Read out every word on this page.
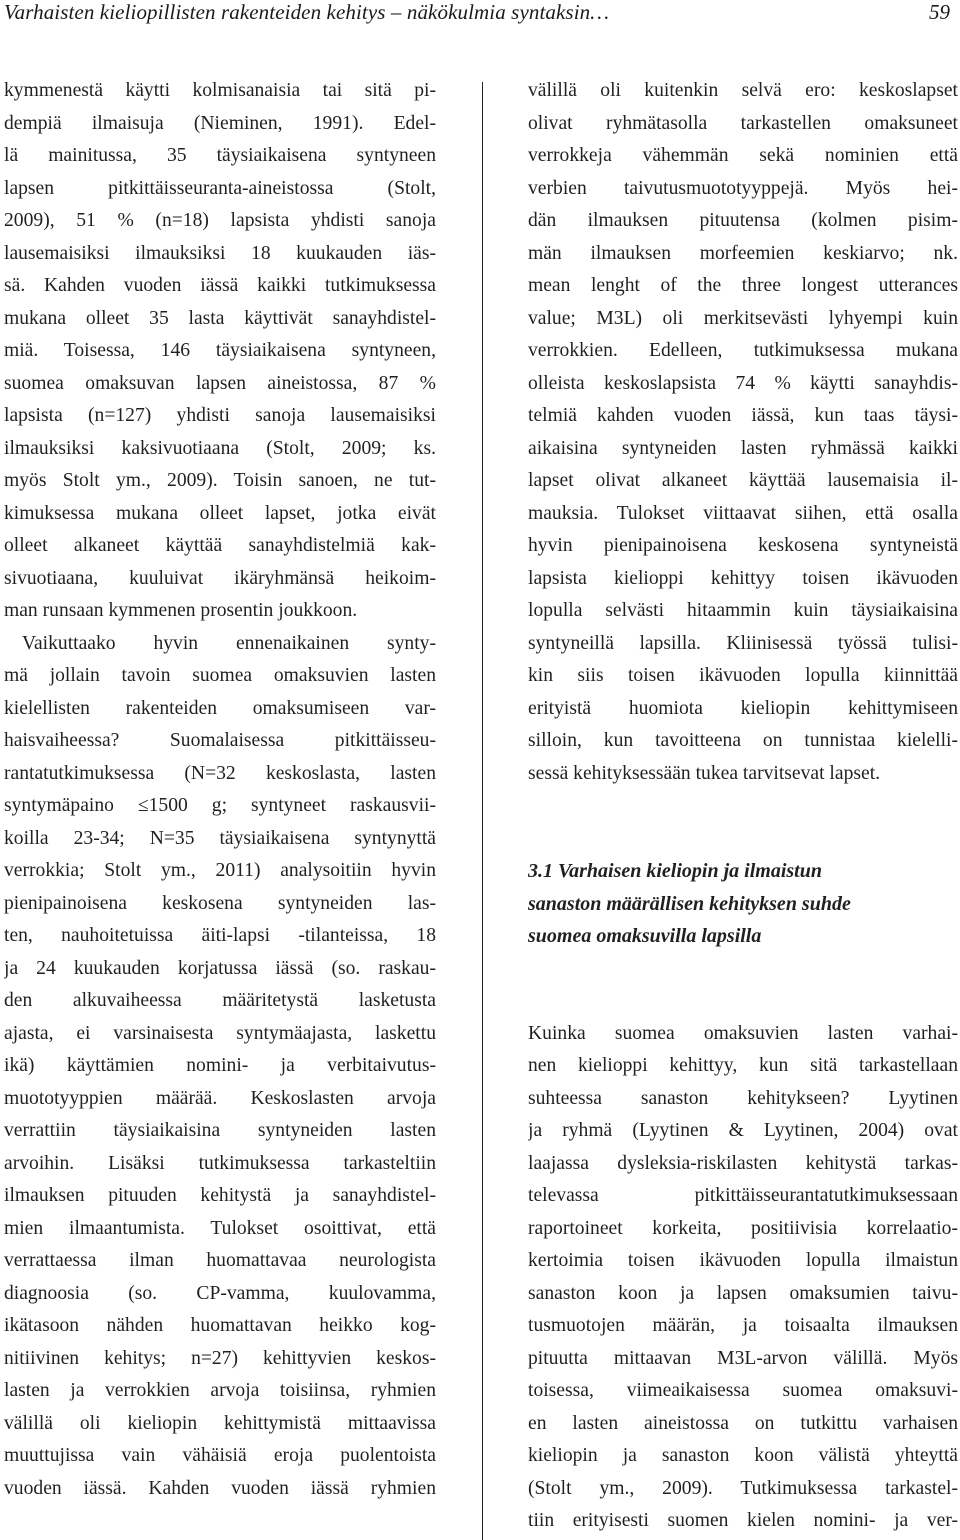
Varhaisten kieliopillisten rakenteiden kehitys – näkökulmia syntaksin…	59
kymmenestä käytti kolmisanaisia tai sitä pi-
dempiä ilmaisuja (Nieminen, 1991). Edel-
lä mainitussa, 35 täysiaikaisena syntyneen
lapsen pitkittäisseuranta-aineistossa (Stolt,
2009), 51 % (n=18) lapsista yhdisti sanoja
lausemaisiksi ilmauksiksi 18 kuukauden iäs-
sä. Kahden vuoden iässä kaikki tutkimuksessa
mukana olleet 35 lasta käyttivät sanayhdistel-
miä. Toisessa, 146 täysiaikaisena syntyneen,
suomea omaksuvan lapsen aineistossa, 87 %
lapsista (n=127) yhdisti sanoja lausemaisiksi
ilmauksiksi kaksivuotiaana (Stolt, 2009; ks.
myös Stolt ym., 2009). Toisin sanoen, ne tut-
kimuksessa mukana olleet lapset, jotka eivät
olleet alkaneet käyttää sanayhdistelmiä kak-
sivuotiaana, kuuluivat ikäryhmänsä heikoim-
man runsaan kymmenen prosentin joukkoon.
Vaikuttaako hyvin ennenaikainen synty-
mä jollain tavoin suomea omaksuvien lasten
kielellisten rakenteiden omaksumiseen var-
haisvaiheessa? Suomalaisessa pitkittäisseu-
rantatutkimuksessa (N=32 keskoslasta, lasten
syntymäpaino ≤1500 g; syntyneet raskausvii-
koilla 23-34; N=35 täysiaikaisena syntynyttä
verrokkia; Stolt ym., 2011) analysoitiin hyvin
pienipainoisena keskosena syntyneiden las-
ten, nauhoitetuissa äiti-lapsi -tilanteissa, 18
ja 24 kuukauden korjatussa iässä (so. raskau-
den alkuvaiheessa määritetystä lasketusta
ajasta, ei varsinaisesta syntymäajasta, laskettu
ikä) käyttämien nomini- ja verbitaivutus-
muototyyppien määrää. Keskoslasten arvoja
verrattiin täysiaikaisina syntyneiden lasten
arvoihin. Lisäksi tutkimuksessa tarkasteltiin
ilmauksen pituuden kehitystä ja sanayhdistel-
mien ilmaantumista. Tulokset osoittivat, että
verrattaessa ilman huomattavaa neurologista
diagnoosia (so. CP-vamma, kuulovamma,
ikätasoon nähden huomattavan heikko kog-
nitiivinen kehitys; n=27) kehittyvien keskos-
lasten ja verrokkien arvoja toisiinsa, ryhmien
välillä oli kieliopin kehittymistä mittaavissa
muuttujissa vain vähäisiä eroja puolentoista
vuoden iässä. Kahden vuoden iässä ryhmien
välillä oli kuitenkin selvä ero: keskoslapset
olivat ryhmätasolla tarkastellen omaksuneet
verrokkeja vähemmän sekä nominien että
verbien taivutusmuototyyppejä. Myös hei-
dän ilmauksen pituutensa (kolmen pisim-
män ilmauksen morfeemien keskiarvo; nk.
mean lenght of the three longest utterances
value; M3L) oli merkitsevästi lyhyempi kuin
verrokkien. Edelleen, tutkimuksessa mukana
olleista keskoslapsista 74 % käytti sanayhdis-
telmiä kahden vuoden iässä, kun taas täysi-
aikaisina syntyneiden lasten ryhmässä kaikki
lapset olivat alkaneet käyttää lausemaisia il-
mauksia. Tulokset viittaavat siihen, että osalla
hyvin pienipainoisena keskosena syntyneistä
lapsista kielioppi kehittyy toisen ikävuoden
lopulla selvästi hitaammin kuin täysiaikaisina
syntyneillä lapsilla. Kliinisessä työssä tulisi-
kin siis toisen ikävuoden lopulla kiinnittää
erityistä huomiota kieliopin kehittymiseen
silloin, kun tavoitteena on tunnistaa kielelli-
sessä kehityksessään tukea tarvitsevat lapset.
3.1 Varhaisen kieliopin ja ilmaistun
sanaston määrällisen kehityksen suhde
suomea omaksuvilla lapsilla
Kuinka suomea omaksuvien lasten varhai-
nen kielioppi kehittyy, kun sitä tarkastellaan
suhteessa sanaston kehitykseen? Lyytinen
ja ryhmä (Lyytinen & Lyytinen, 2004) ovat
laajassa dysleksia-riskilasten kehitystä tarkas-
televassa pitkittäisseurantatutkimuksessaan
raportoineet korkeita, positiivisia korrelaatio-
kertoimia toisen ikävuoden lopulla ilmaistun
sanaston koon ja lapsen omaksumien taivu-
tusmuotojen määrän, ja toisaalta ilmauksen
pituutta mittaavan M3L-arvon välillä. Myös
toisessa, viimeaikaisessa suomea omaksuvi-
en lasten aineistossa on tutkittu varhaisen
kieliopin ja sanaston koon välistä yhteyttä
(Stolt ym., 2009). Tutkimuksessa tarkastel-
tiin erityisesti suomen kielen nomini- ja ver-
